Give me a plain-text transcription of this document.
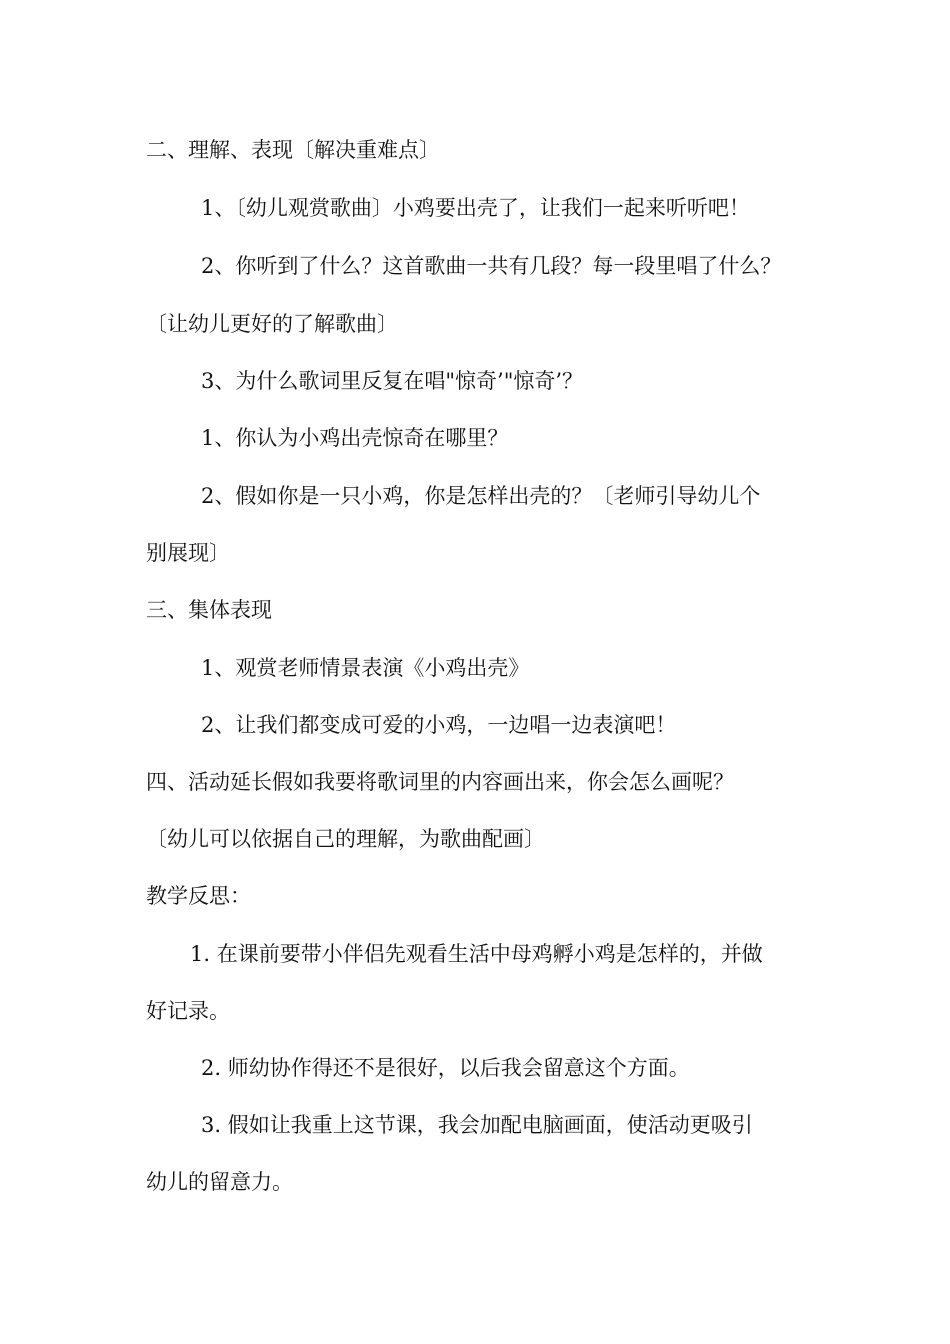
二、理解、表现〔解决重难点〕
1、〔幼儿观赏歌曲〕小鸡要出壳了，让我们一起来听听吧！
2、你听到了什么？这首歌曲一共有几段？每一段里唱了什么？
〔让幼儿更好的了解歌曲〕
3、为什么歌词里反复在唱"惊奇’"惊奇’？
1、你认为小鸡出壳惊奇在哪里？
2、假如你是一只小鸡，你是怎样出壳的？〔老师引导幼儿个
别展现〕
三、集体表现
1、观赏老师情景表演《小鸡出壳》
2、让我们都变成可爱的小鸡，一边唱一边表演吧！
四、活动延长假如我要将歌词里的内容画出来，你会怎么画呢？
〔幼儿可以依据自己的理解，为歌曲配画〕
教学反思：
1. 在课前要带小伴侣先观看生活中母鸡孵小鸡是怎样的，并做
好记录。
2. 师幼协作得还不是很好，以后我会留意这个方面。
3. 假如让我重上这节课，我会加配电脑画面，使活动更吸引
幼儿的留意力。
